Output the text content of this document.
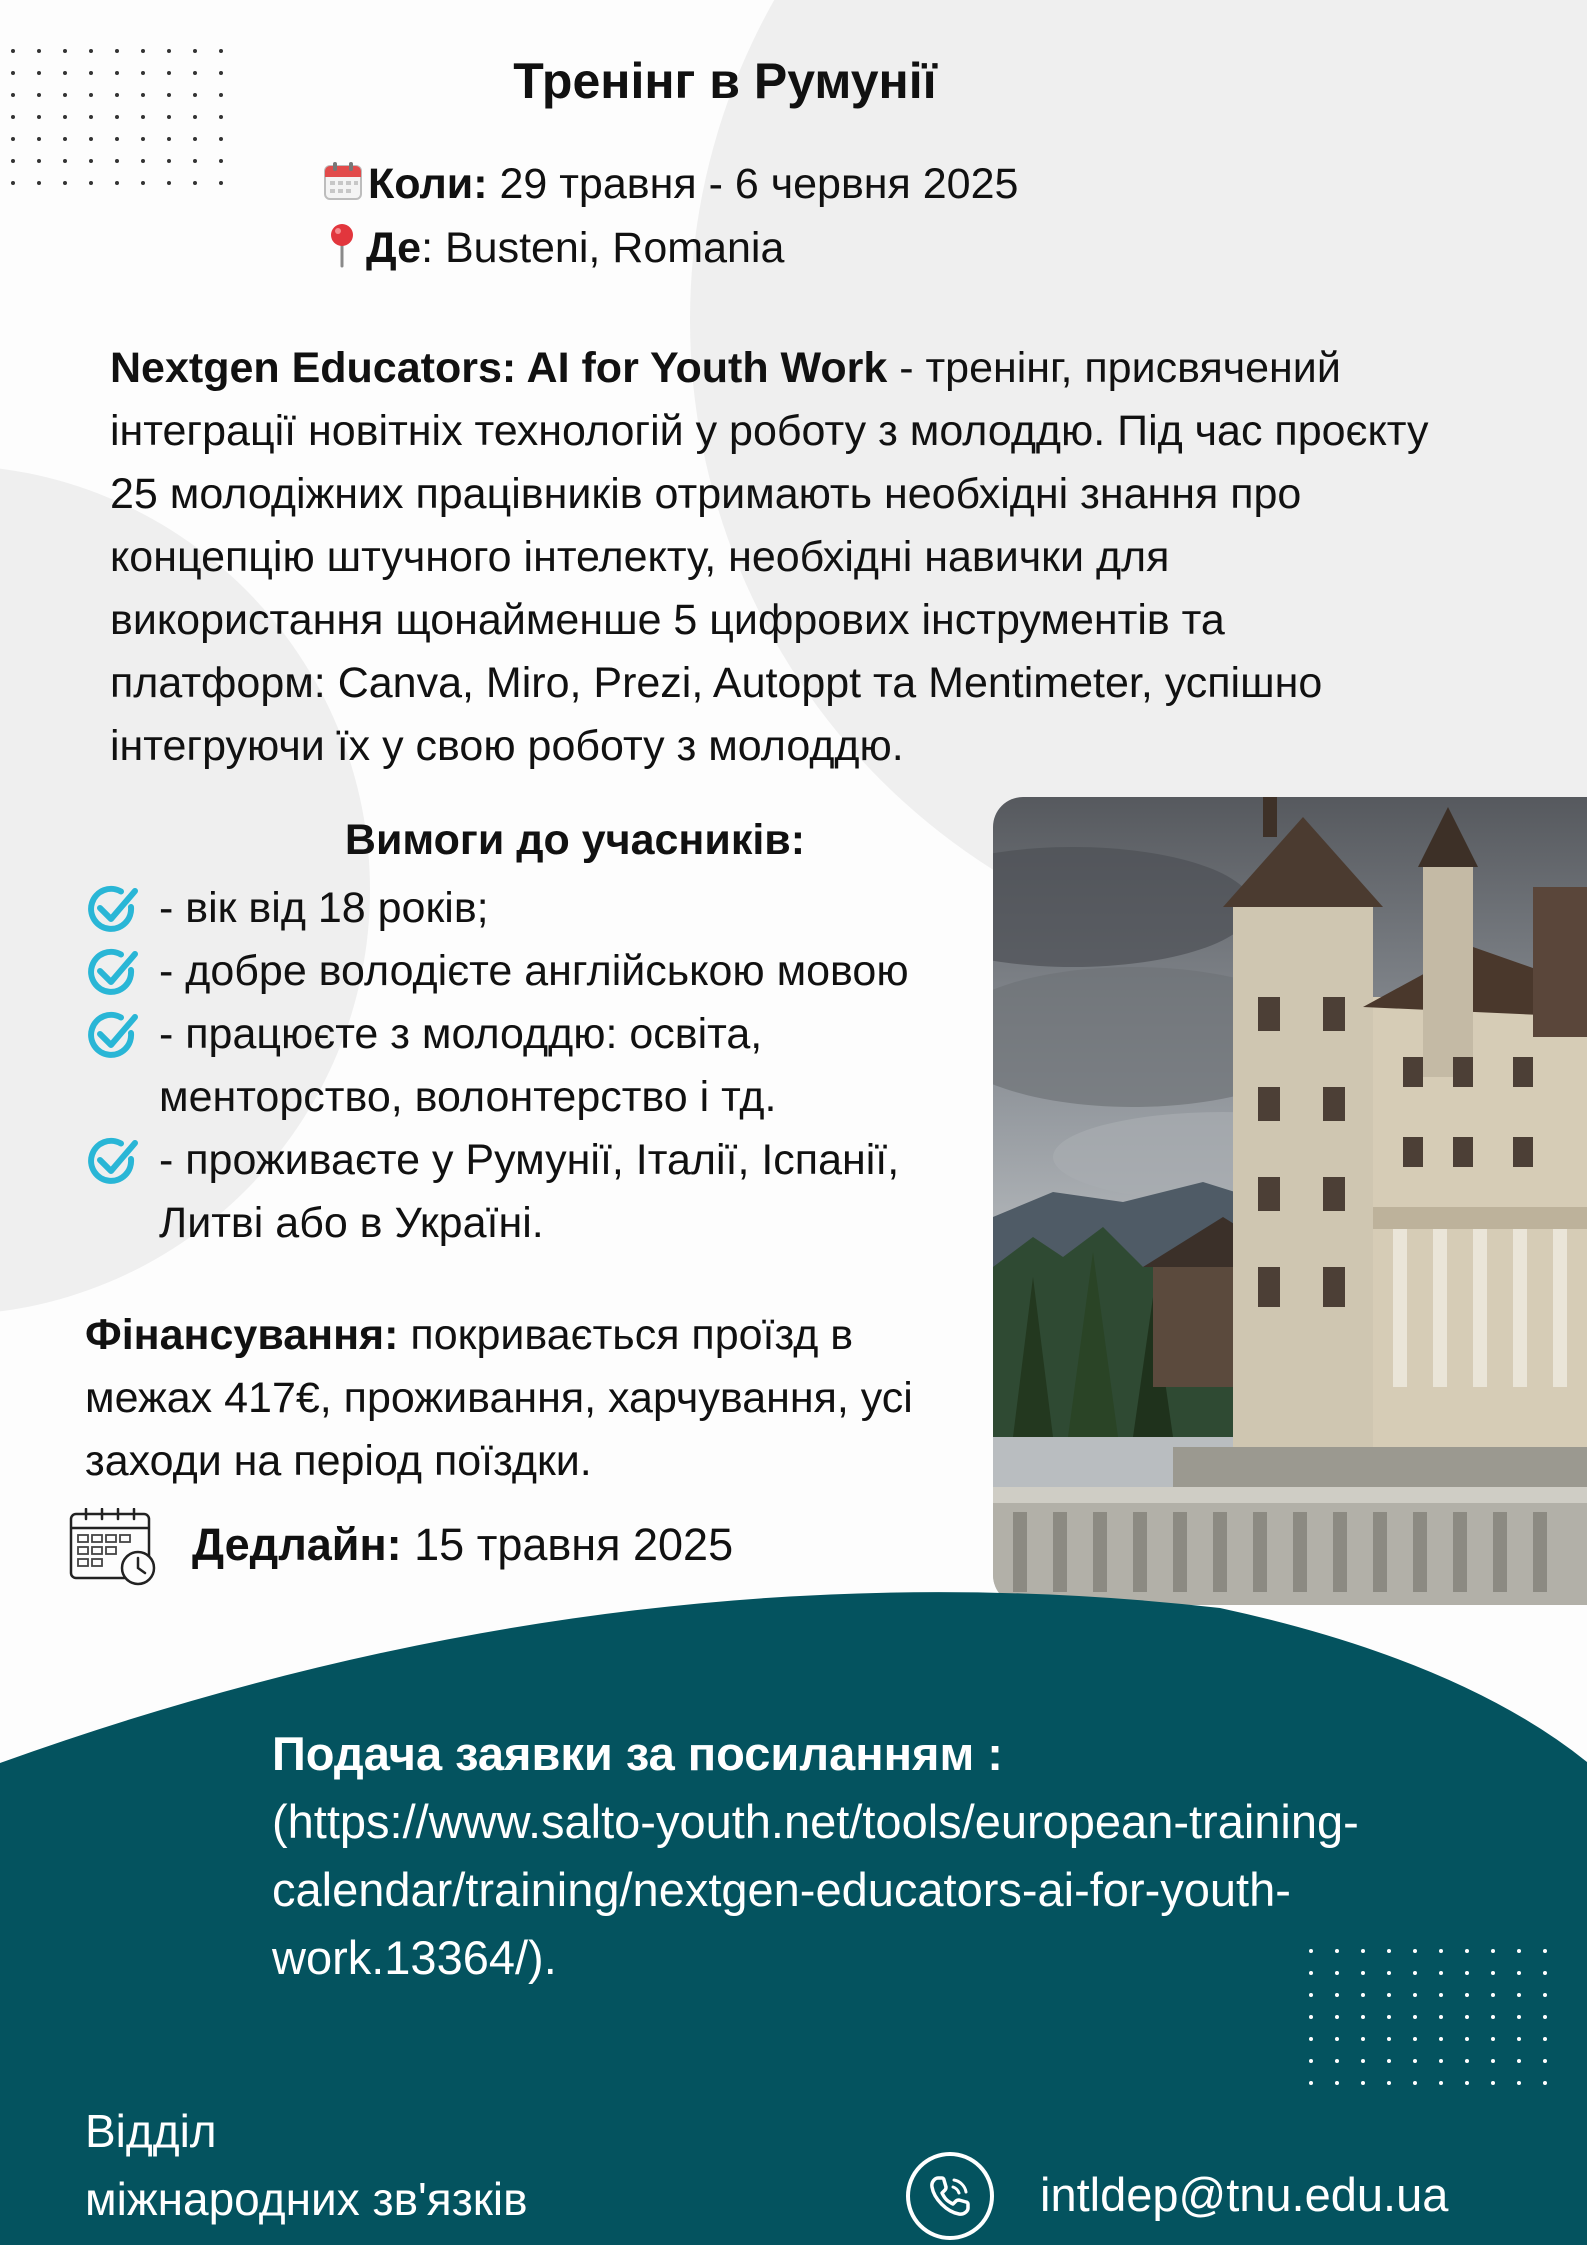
Тренінг в Румунії
Коли: 29 травня - 6 червня 2025
Де: Busteni, Romania
Nextgen Educators: AI for Youth Work - тренінг, присвячений інтеграції новітніх технологій у роботу з молоддю. Під час проєкту 25 молодіжних працівників отримають необхідні знання про концепцію штучного інтелекту, необхідні навички для використання щонайменше 5 цифрових інструментів та платформ: Canva, Miro, Prezi, Autoppt та Mentimeter, успішно інтегруючи їх у свою роботу з молоддю.
Вимоги до учасників:
- вік від 18 років;
- добре володієте англійською мовою
- працюєте з молоддю: освіта, менторство, волонтерство і тд.
- проживаєте у Румунії, Італії, Іспанії, Литві або в Україні.
Фінансування: покривається проїзд в межах 417€, проживання, харчування, усі заходи на період поїздки.
Дедлайн: 15 травня 2025
Подача заявки за посиланням :
(https://www.salto-youth.net/tools/european-training-calendar/training/nextgen-educators-ai-for-youth-work.13364/).
Відділ
міжнародних зв'язків	intldep@tnu.edu.ua
